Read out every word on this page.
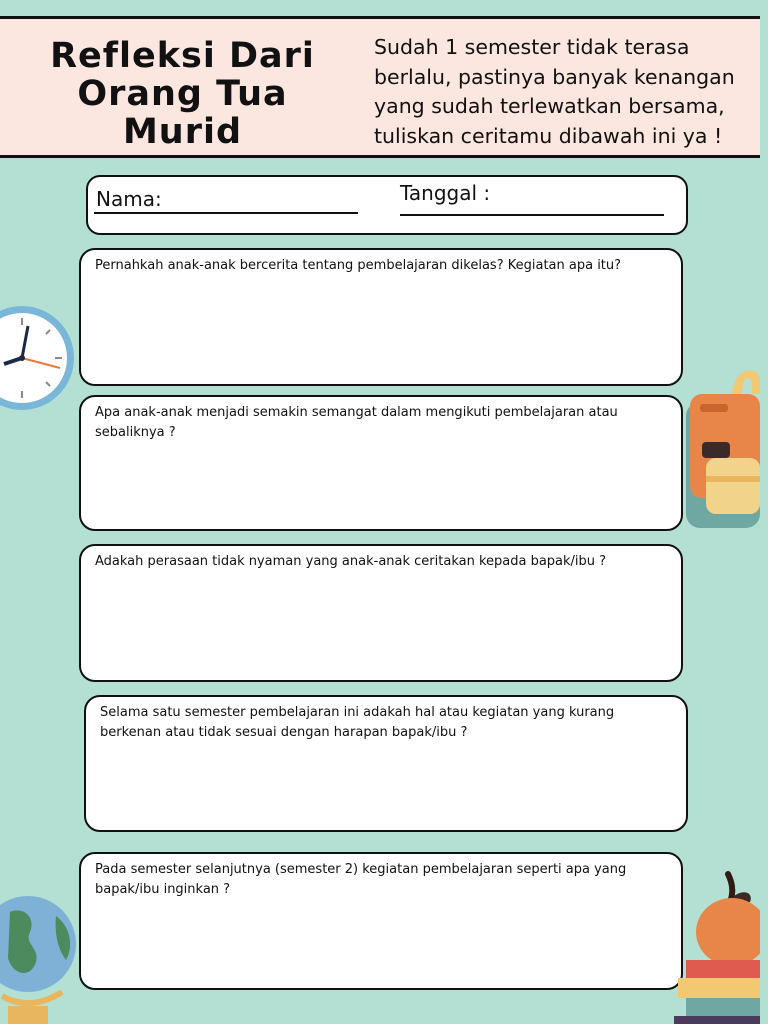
Refleksi Dari Orang Tua Murid
Sudah 1 semester tidak terasa berlalu, pastinya banyak kenangan yang sudah terlewatkan bersama, tuliskan ceritamu dibawah ini ya !
Nama:	Tanggal :
Pernahkah anak-anak bercerita tentang pembelajaran dikelas? Kegiatan apa itu?
Apa anak-anak menjadi semakin semangat dalam mengikuti pembelajaran atau sebaliknya ?
Adakah perasaan tidak nyaman yang anak-anak ceritakan kepada bapak/ibu ?
Selama satu semester pembelajaran ini adakah hal atau kegiatan yang kurang berkenan atau tidak sesuai dengan harapan bapak/ibu ?
Pada semester selanjutnya (semester 2) kegiatan pembelajaran seperti apa yang bapak/ibu inginkan ?
